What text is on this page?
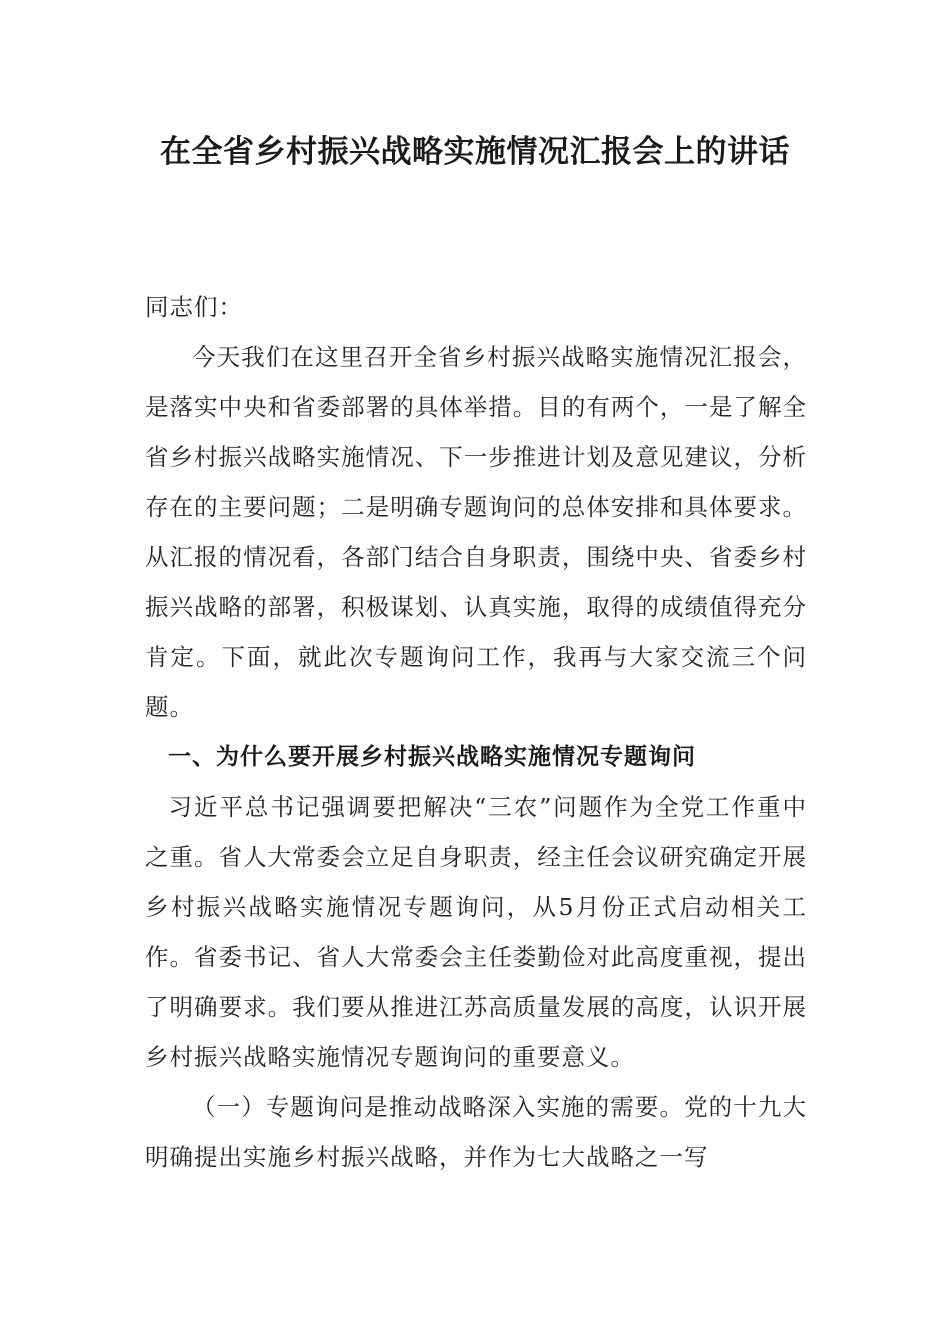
在全省乡村振兴战略实施情况汇报会上的讲话

同志们：

今天我们在这里召开全省乡村振兴战略实施情况汇报会，是落实中央和省委部署的具体举措。目的有两个，一是了解全省乡村振兴战略实施情况、下一步推进计划及意见建议，分析存在的主要问题；二是明确专题询问的总体安排和具体要求。从汇报的情况看，各部门结合自身职责，围绕中央、省委乡村振兴战略的部署，积极谋划、认真实施，取得的成绩值得充分肯定。下面，就此次专题询问工作，我再与大家交流三个问题。

一、为什么要开展乡村振兴战略实施情况专题询问

习近平总书记强调要把解决“三农”问题作为全党工作重中之重。省人大常委会立足自身职责，经主任会议研究确定开展乡村振兴战略实施情况专题询问，从5月份正式启动相关工作。省委书记、省人大常委会主任娄勤俭对此高度重视，提出了明确要求。我们要从推进江苏高质量发展的高度，认识开展乡村振兴战略实施情况专题询问的重要意义。

（一）专题询问是推动战略深入实施的需要。党的十九大明确提出实施乡村振兴战略，并作为七大战略之一写
